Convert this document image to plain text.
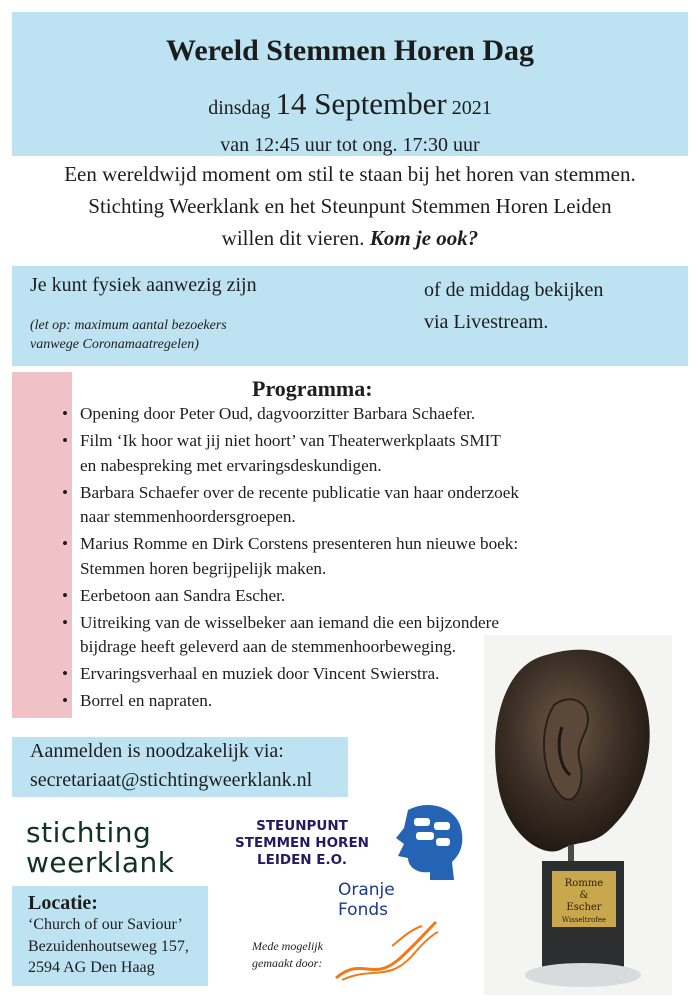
Wereld Stemmen Horen Dag
dinsdag 14 September 2021
van 12:45 uur tot ong. 17:30 uur
Een wereldwijd moment om stil te staan bij het horen van stemmen.
Stichting Weerklank en het Steunpunt Stemmen Horen Leiden
willen dit vieren. Kom je ook?
Je kunt fysiek aanwezig zijn
(let op: maximum aantal bezoekers
vanwege Coronamaatregelen)
of de middag bekijken
via Livestream.
Programma:
• Opening door Peter Oud, dagvoorzitter Barbara Schaefer.
• Film ‘Ik hoor wat jij niet hoort’ van Theaterwerkplaats SMIT
en nabespreking met ervaringsdeskundigen.
• Barbara Schaefer over de recente publicatie van haar onderzoek
naar stemmenhoordersgroepen.
• Marius Romme en Dirk Corstens presenteren hun nieuwe boek:
Stemmen horen begrijpelijk maken.
• Eerbetoon aan Sandra Escher.
• Uitreiking van de wisselbeker aan iemand die een bijzondere
bijdrage heeft geleverd aan de stemmenhoorbeweging.
• Ervaringsverhaal en muziek door Vincent Swierstra.
• Borrel en napraten.
Romme
&
Escher
Wisseltrofee
Aanmelden is noodzakelijk via:
secretariaat@stichtingweerklank.nl
stichting
weerklank
STEUNPUNT
STEMMEN HOREN
LEIDEN E.O.
Oranje
Fonds
Mede mogelijk
gemaakt door:
Locatie:
‘Church of our Saviour’
Bezuidenhoutseweg 157,
2594 AG Den Haag
